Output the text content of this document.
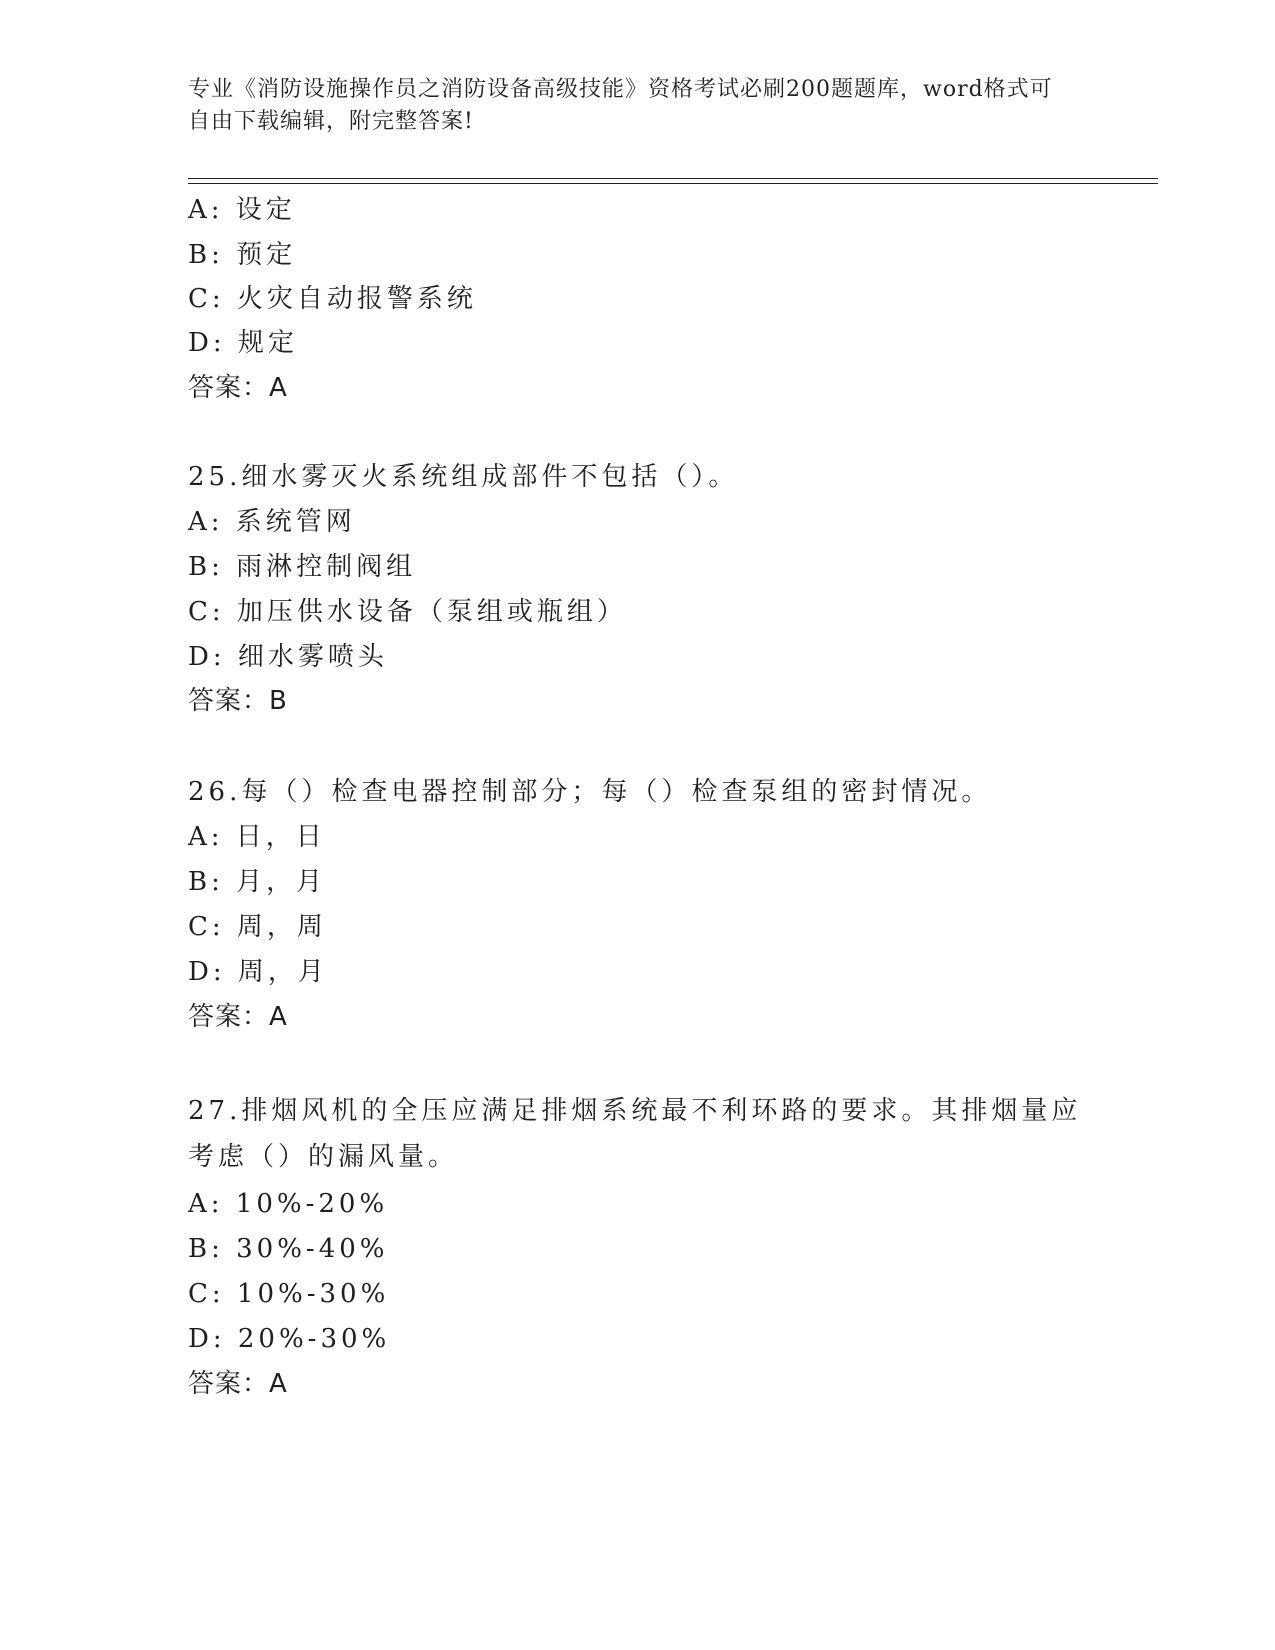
专业《消防设施操作员之消防设备高级技能》资格考试必刷200题题库，word格式可自由下载编辑，附完整答案!
A: 设定
B: 预定
C: 火灾自动报警系统
D: 规定
答案：A
25.细水雾灭火系统组成部件不包括（）。
A: 系统管网
B: 雨淋控制阀组
C: 加压供水设备（泵组或瓶组）
D: 细水雾喷头
答案：B
26.每（）检查电器控制部分；每（）检查泵组的密封情况。
A: 日，日
B: 月，月
C: 周，周
D: 周，月
答案：A
27.排烟风机的全压应满足排烟系统最不利环路的要求。其排烟量应考虑（）的漏风量。
A: 10%-20%
B: 30%-40%
C: 10%-30%
D: 20%-30%
答案：A
